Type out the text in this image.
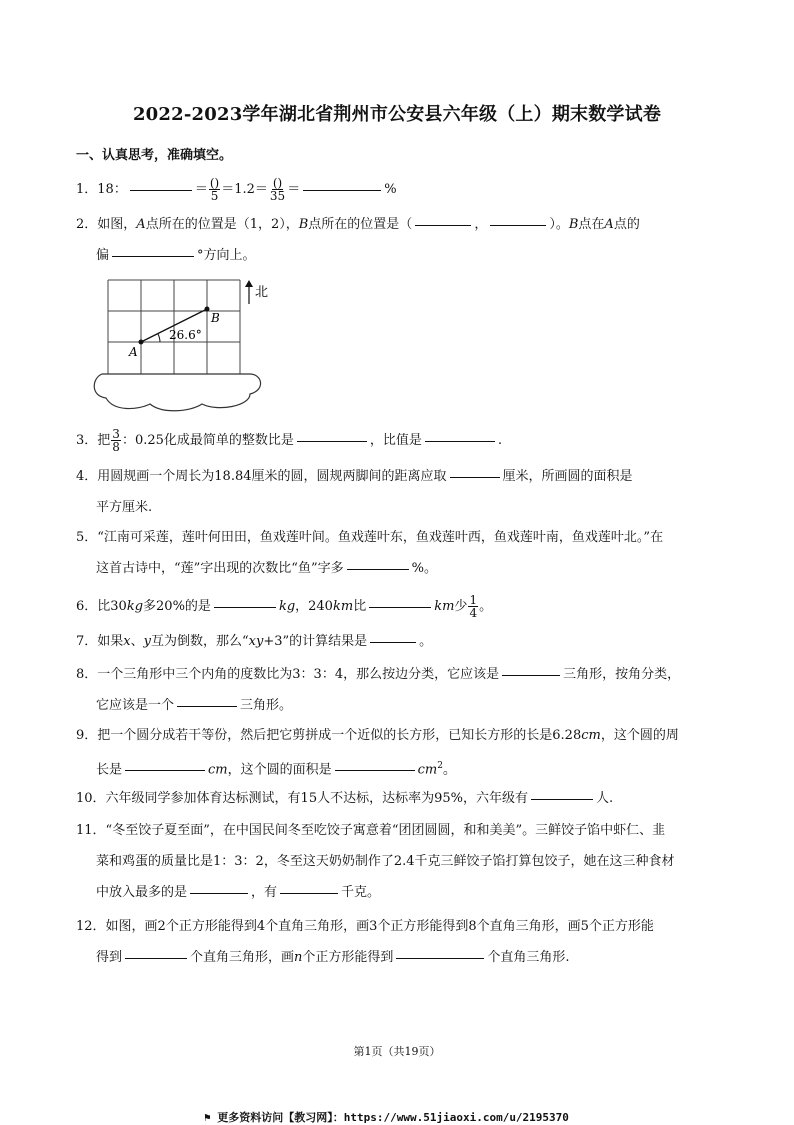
2022-2023学年湖北省荆州市公安县六年级（上）期末数学试卷
一、认真思考，准确填空。
1．18：	＝ $\frac{()}{5} =1.2= \frac{()}{35}$ ＝	%
2．如图，A点所在的位置是（1，2），B点所在的位置是（	，	）。B点在A点的
偏	°方向上。
26.6°
A
B
北
3．把 $\frac{3}{8}$ ：0.25化成最简单的整数比是	，比值是	.
4．用圆规画一个周长为18.84厘米的圆，圆规两脚间的距离应取	厘米，所画圆的面积是
平方厘米.
5．“江南可采莲，莲叶何田田，鱼戏莲叶间。鱼戏莲叶东，鱼戏莲叶西，鱼戏莲叶南，鱼戏莲叶北。”在
这首古诗中，“莲”字出现的次数比“鱼”字多	%。
6．比30kg多20%的是	kg，240km比	km少 $\frac{1}{4}$ 。
7．如果x、y互为倒数，那么“xy+3”的计算结果是	。
8．一个三角形中三个内角的度数比为3：3：4，那么按边分类，它应该是	三角形，按角分类，
它应该是一个	三角形。
9．把一个圆分成若干等份，然后把它剪拼成一个近似的长方形，已知长方形的长是6.28cm，这个圆的周
长是	cm，这个圆的面积是	$cm^2$。
10．六年级同学参加体育达标测试，有15人不达标，达标率为95%，六年级有	人.
11．“冬至饺子夏至面”，在中国民间冬至吃饺子寓意着“团团圆圆，和和美美”。三鲜饺子馅中虾仁、韭
菜和鸡蛋的质量比是1：3：2，冬至这天奶奶制作了2.4千克三鲜饺子馅打算包饺子，她在这三种食材
中放入最多的是	，有	千克。
12．如图，画2个正方形能得到4个直角三角形，画3个正方形能得到8个直角三角形，画5个正方形能
得到	个直角三角形，画n个正方形能得到	个直角三角形.
第1页（共19页）
⚑ 更多资料访问【教习网】：https://www.51jiaoxi.com/u/2195370
